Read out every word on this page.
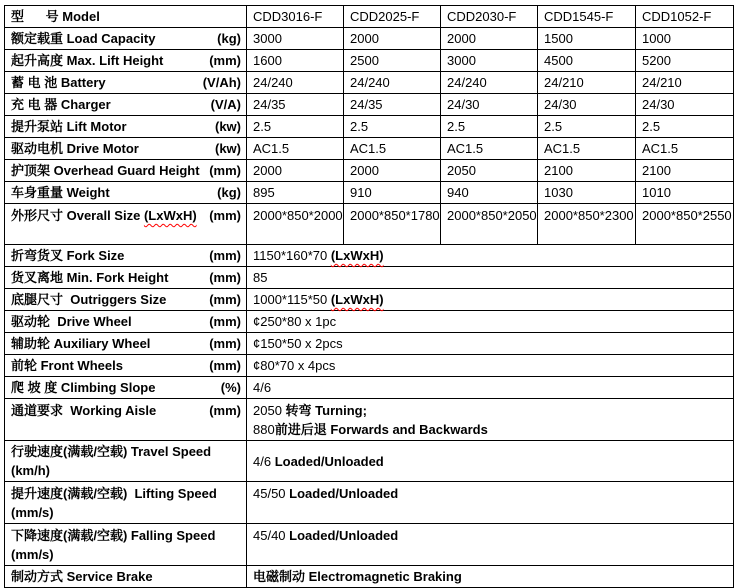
型      号 Model	CDD3016-F	CDD2025-F	CDD2030-F	CDD1545-F	CDD1052-F

额定载重 Load Capacity (kg)	3000	2000	2000	1500	1000

起升高度 Max. Lift Height (mm)	1600	2500	3000	4500	5200

蓄 电 池 Battery (V/Ah)	24/240	24/240	24/240	24/210	24/210

充 电 器 Charger (V/A)	24/35	24/35	24/30	24/30	24/30

提升泵站 Lift Motor (kw)	2.5	2.5	2.5	2.5	2.5

驱动电机 Drive Motor (kw)	AC1.5	AC1.5	AC1.5	AC1.5	AC1.5

护顶架 Overhead Guard Height (mm)	2000	2000	2050	2100	2100

车身重量 Weight (kg)	895	910	940	1030	1010

外形尺寸 Overall Size (LxWxH) (mm)	2000*850*2000	2000*850*1780	2000*850*2050	2000*850*2300	2000*850*2550

折弯货叉 Fork Size (mm)	1150*160*70 (LxWxH)				

货叉离地 Min. Fork Height (mm)	85				

底腿尺寸  Outriggers Size (mm)	1000*115*50 (LxWxH)				

驱动轮  Drive Wheel (mm)	¢250*80 x 1pc				

辅助轮 Auxiliary Wheel (mm)	¢150*50 x 2pcs				

前轮 Front Wheels (mm)	¢80*70 x 4pcs				

爬 坡 度 Climbing Slope (%)	4/6				

通道要求  Working Aisle	(mm)	2050 转弯 Turning;
880前进后退 Forwards and Backwards

行驶速度(满载/空载) Travel Speed (km/h)	4/6 Loaded/Unloaded				

提升速度(满载/空载)  Lifting Speed
(mm/s)	45/50 Loaded/Unloaded				

下降速度(满载/空载) Falling Speed
(mm/s)	45/40 Loaded/Unloaded				

制动方式 Service Brake	电磁制动 Electromagnetic Braking				
